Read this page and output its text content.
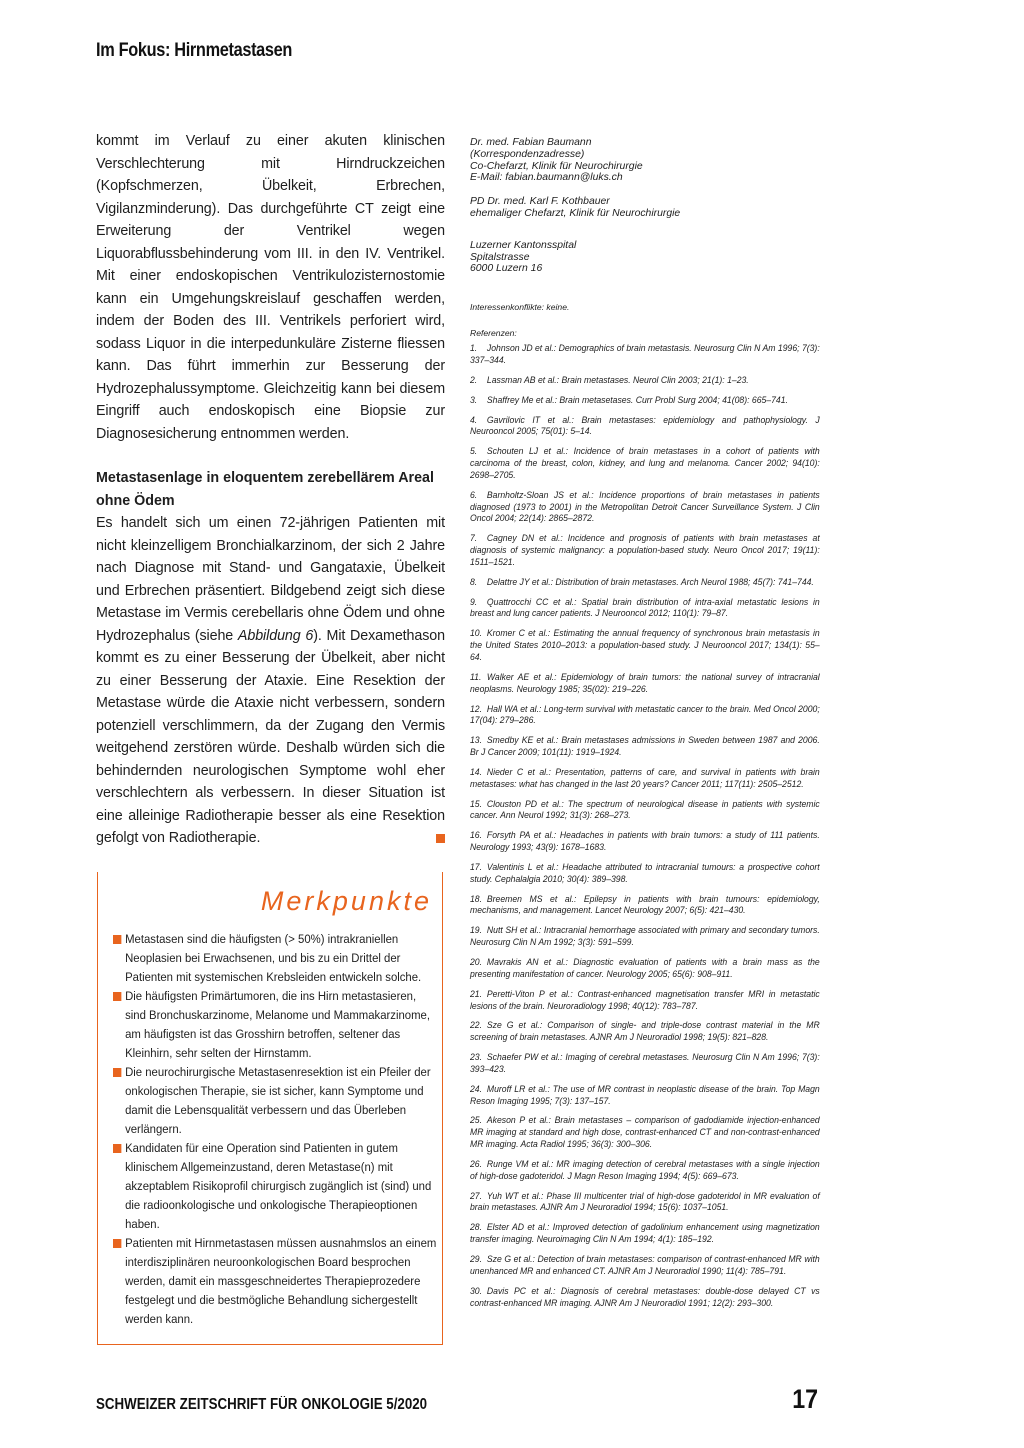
Im Fokus: Hirnmetastasen

kommt im Verlauf zu einer akuten klinischen Verschlechterung mit Hirndruckzeichen (Kopfschmerzen, Übelkeit, Erbrechen, Vigilanzminderung). Das durchgeführte CT zeigt eine Erweiterung der Ventrikel wegen Liquorabflussbehinderung vom III. in den IV. Ventrikel. Mit einer endoskopischen Ventrikulozisternostomie kann ein Umgehungskreislauf geschaffen werden, indem der Boden des III. Ventrikels perforiert wird, sodass Liquor in die interpedunkuläre Zisterne fliessen kann. Das führt immerhin zur Besserung der Hydrozephalussymptome. Gleichzeitig kann bei diesem Eingriff auch endoskopisch eine Biopsie zur Diagnosesicherung entnommen werden.

Metastasenlage in eloquentem zerebellärem Areal ohne Ödem

Es handelt sich um einen 72-jährigen Patienten mit nicht kleinzelligem Bronchialkarzinom, der sich 2 Jahre nach Diagnose mit Stand- und Gangataxie, Übelkeit und Erbrechen präsentiert. Bildgebend zeigt sich diese Metastase im Vermis cerebellaris ohne Ödem und ohne Hydrozephalus (siehe Abbildung 6). Mit Dexamethason kommt es zu einer Besserung der Übelkeit, aber nicht zu einer Besserung der Ataxie. Eine Resektion der Metastase würde die Ataxie nicht verbessern, sondern potenziell verschlimmern, da der Zugang den Vermis weitgehend zerstören würde. Deshalb würden sich die behindernden neurologischen Symptome wohl eher verschlechtern als verbessern. In dieser Situation ist eine alleinige Radiotherapie besser als eine Resektion gefolgt von Radiotherapie.

Merkpunkte
Metastasen sind die häufigsten (> 50%) intrakraniellen Neoplasien bei Erwachsenen, und bis zu ein Drittel der Patienten mit systemischen Krebsleiden entwickeln solche.
Die häufigsten Primärtumoren, die ins Hirn metastasieren, sind Bronchuskarzinome, Melanome und Mammakarzinome, am häufigsten ist das Grosshirn betroffen, seltener das Kleinhirn, sehr selten der Hirnstamm.
Die neurochirurgische Metastasenresektion ist ein Pfeiler der onkologischen Therapie, sie ist sicher, kann Symptome und damit die Lebensqualität verbessern und das Überleben verlängern.
Kandidaten für eine Operation sind Patienten in gutem klinischem Allgemeinzustand, deren Metastase(n) mit akzeptablem Risikoprofil chirurgisch zugänglich ist (sind) und die radioonkologische und onkologische Therapieoptionen haben.
Patienten mit Hirnmetastasen müssen ausnahmslos an einem interdisziplinären neuroonkologischen Board besprochen werden, damit ein massgeschneidertes Therapieprozedere festgelegt und die bestmögliche Behandlung sichergestellt werden kann.

Dr. med. Fabian Baumann

(Korrespondenzadresse)

Co-Chefarzt, Klinik für Neurochirurgie

E-Mail: fabian.baumann@luks.ch

PD Dr. med. Karl F. Kothbauer

ehemaliger Chefarzt, Klinik für Neurochirurgie

Luzerner Kantonsspital

Spitalstrasse

6000 Luzern 16

Interessenkonflikte: keine.

Referenzen:

1. Johnson JD et al.: Demographics of brain metastasis. Neurosurg Clin N Am 1996; 7(3): 337–344.

2. Lassman AB et al.: Brain metastases. Neurol Clin 2003; 21(1): 1–23.

3. Shaffrey Me et al.: Brain metasetases. Curr Probl Surg 2004; 41(08): 665–741.

4. Gavrilovic IT et al.: Brain metastases: epidemiology and pathophysiology. J Neurooncol 2005; 75(01): 5–14.

5. Schouten LJ et al.: Incidence of brain metastases in a cohort of patients with carcinoma of the breast, colon, kidney, and lung and melanoma. Cancer 2002; 94(10): 2698–2705.

6. Barnholtz-Sloan JS et al.: Incidence proportions of brain metastases in patients diagnosed (1973 to 2001) in the Metropolitan Detroit Cancer Surveillance System. J Clin Oncol 2004; 22(14): 2865–2872.

7. Cagney DN et al.: Incidence and prognosis of patients with brain metastases at diagnosis of systemic malignancy: a population-based study. Neuro Oncol 2017; 19(11): 1511–1521.

8. Delattre JY et al.: Distribution of brain metastases. Arch Neurol 1988; 45(7): 741–744.

9. Quattrocchi CC et al.: Spatial brain distribution of intra-axial metastatic lesions in breast and lung cancer patients. J Neurooncol 2012; 110(1): 79–87.

10. Kromer C et al.: Estimating the annual frequency of synchronous brain metastasis in the United States 2010–2013: a population-based study. J Neurooncol 2017; 134(1): 55–64.

11. Walker AE et al.: Epidemiology of brain tumors: the national survey of intracranial neoplasms. Neurology 1985; 35(02): 219–226.

12. Hall WA et al.: Long-term survival with metastatic cancer to the brain. Med Oncol 2000; 17(04): 279–286.

13. Smedby KE et al.: Brain metastases admissions in Sweden between 1987 and 2006. Br J Cancer 2009; 101(11): 1919–1924.

14. Nieder C et al.: Presentation, patterns of care, and survival in patients with brain metastases: what has changed in the last 20 years? Cancer 2011; 117(11): 2505–2512.

15. Clouston PD et al.: The spectrum of neurological disease in patients with systemic cancer. Ann Neurol 1992; 31(3): 268–273.

16. Forsyth PA et al.: Headaches in patients with brain tumors: a study of 111 patients. Neurology 1993; 43(9): 1678–1683.

17. Valentinis L et al.: Headache attributed to intracranial tumours: a prospective cohort study. Cephalalgia 2010; 30(4): 389–398.

18. Breemen MS et al.: Epilepsy in patients with brain tumours: epidemiology, mechanisms, and management. Lancet Neurology 2007; 6(5): 421–430.

19. Nutt SH et al.: Intracranial hemorrhage associated with primary and secondary tumors. Neurosurg Clin N Am 1992; 3(3): 591–599.

20. Mavrakis AN et al.: Diagnostic evaluation of patients with a brain mass as the presenting manifestation of cancer. Neurology 2005; 65(6): 908–911.

21. Peretti-Viton P et al.: Contrast-enhanced magnetisation transfer MRI in metastatic lesions of the brain. Neuroradiology 1998; 40(12): 783–787.

22. Sze G et al.: Comparison of single- and triple-dose contrast material in the MR screening of brain metastases. AJNR Am J Neuroradiol 1998; 19(5): 821–828.

23. Schaefer PW et al.: Imaging of cerebral metastases. Neurosurg Clin N Am 1996; 7(3): 393–423.

24. Muroff LR et al.: The use of MR contrast in neoplastic disease of the brain. Top Magn Reson Imaging 1995; 7(3): 137–157.

25. Akeson P et al.: Brain metastases – comparison of gadodiamide injection-enhanced MR imaging at standard and high dose, contrast-enhanced CT and non-contrast-enhanced MR imaging. Acta Radiol 1995; 36(3): 300–306.

26. Runge VM et al.: MR imaging detection of cerebral metastases with a single injection of high-dose gadoteridol. J Magn Reson Imaging 1994; 4(5): 669–673.

27. Yuh WT et al.: Phase III multicenter trial of high-dose gadoteridol in MR evaluation of brain metastases. AJNR Am J Neuroradiol 1994; 15(6): 1037–1051.

28. Elster AD et al.: Improved detection of gadolinium enhancement using magnetization transfer imaging. Neuroimaging Clin N Am 1994; 4(1): 185–192.

29. Sze G et al.: Detection of brain metastases: comparison of contrast-enhanced MR with unenhanced MR and enhanced CT. AJNR Am J Neuroradiol 1990; 11(4): 785–791.

30. Davis PC et al.: Diagnosis of cerebral metastases: double-dose delayed CT vs contrast-enhanced MR imaging. AJNR Am J Neuroradiol 1991; 12(2): 293–300.

SCHWEIZER ZEITSCHRIFT FÜR ONKOLOGIE 5/2020	17
